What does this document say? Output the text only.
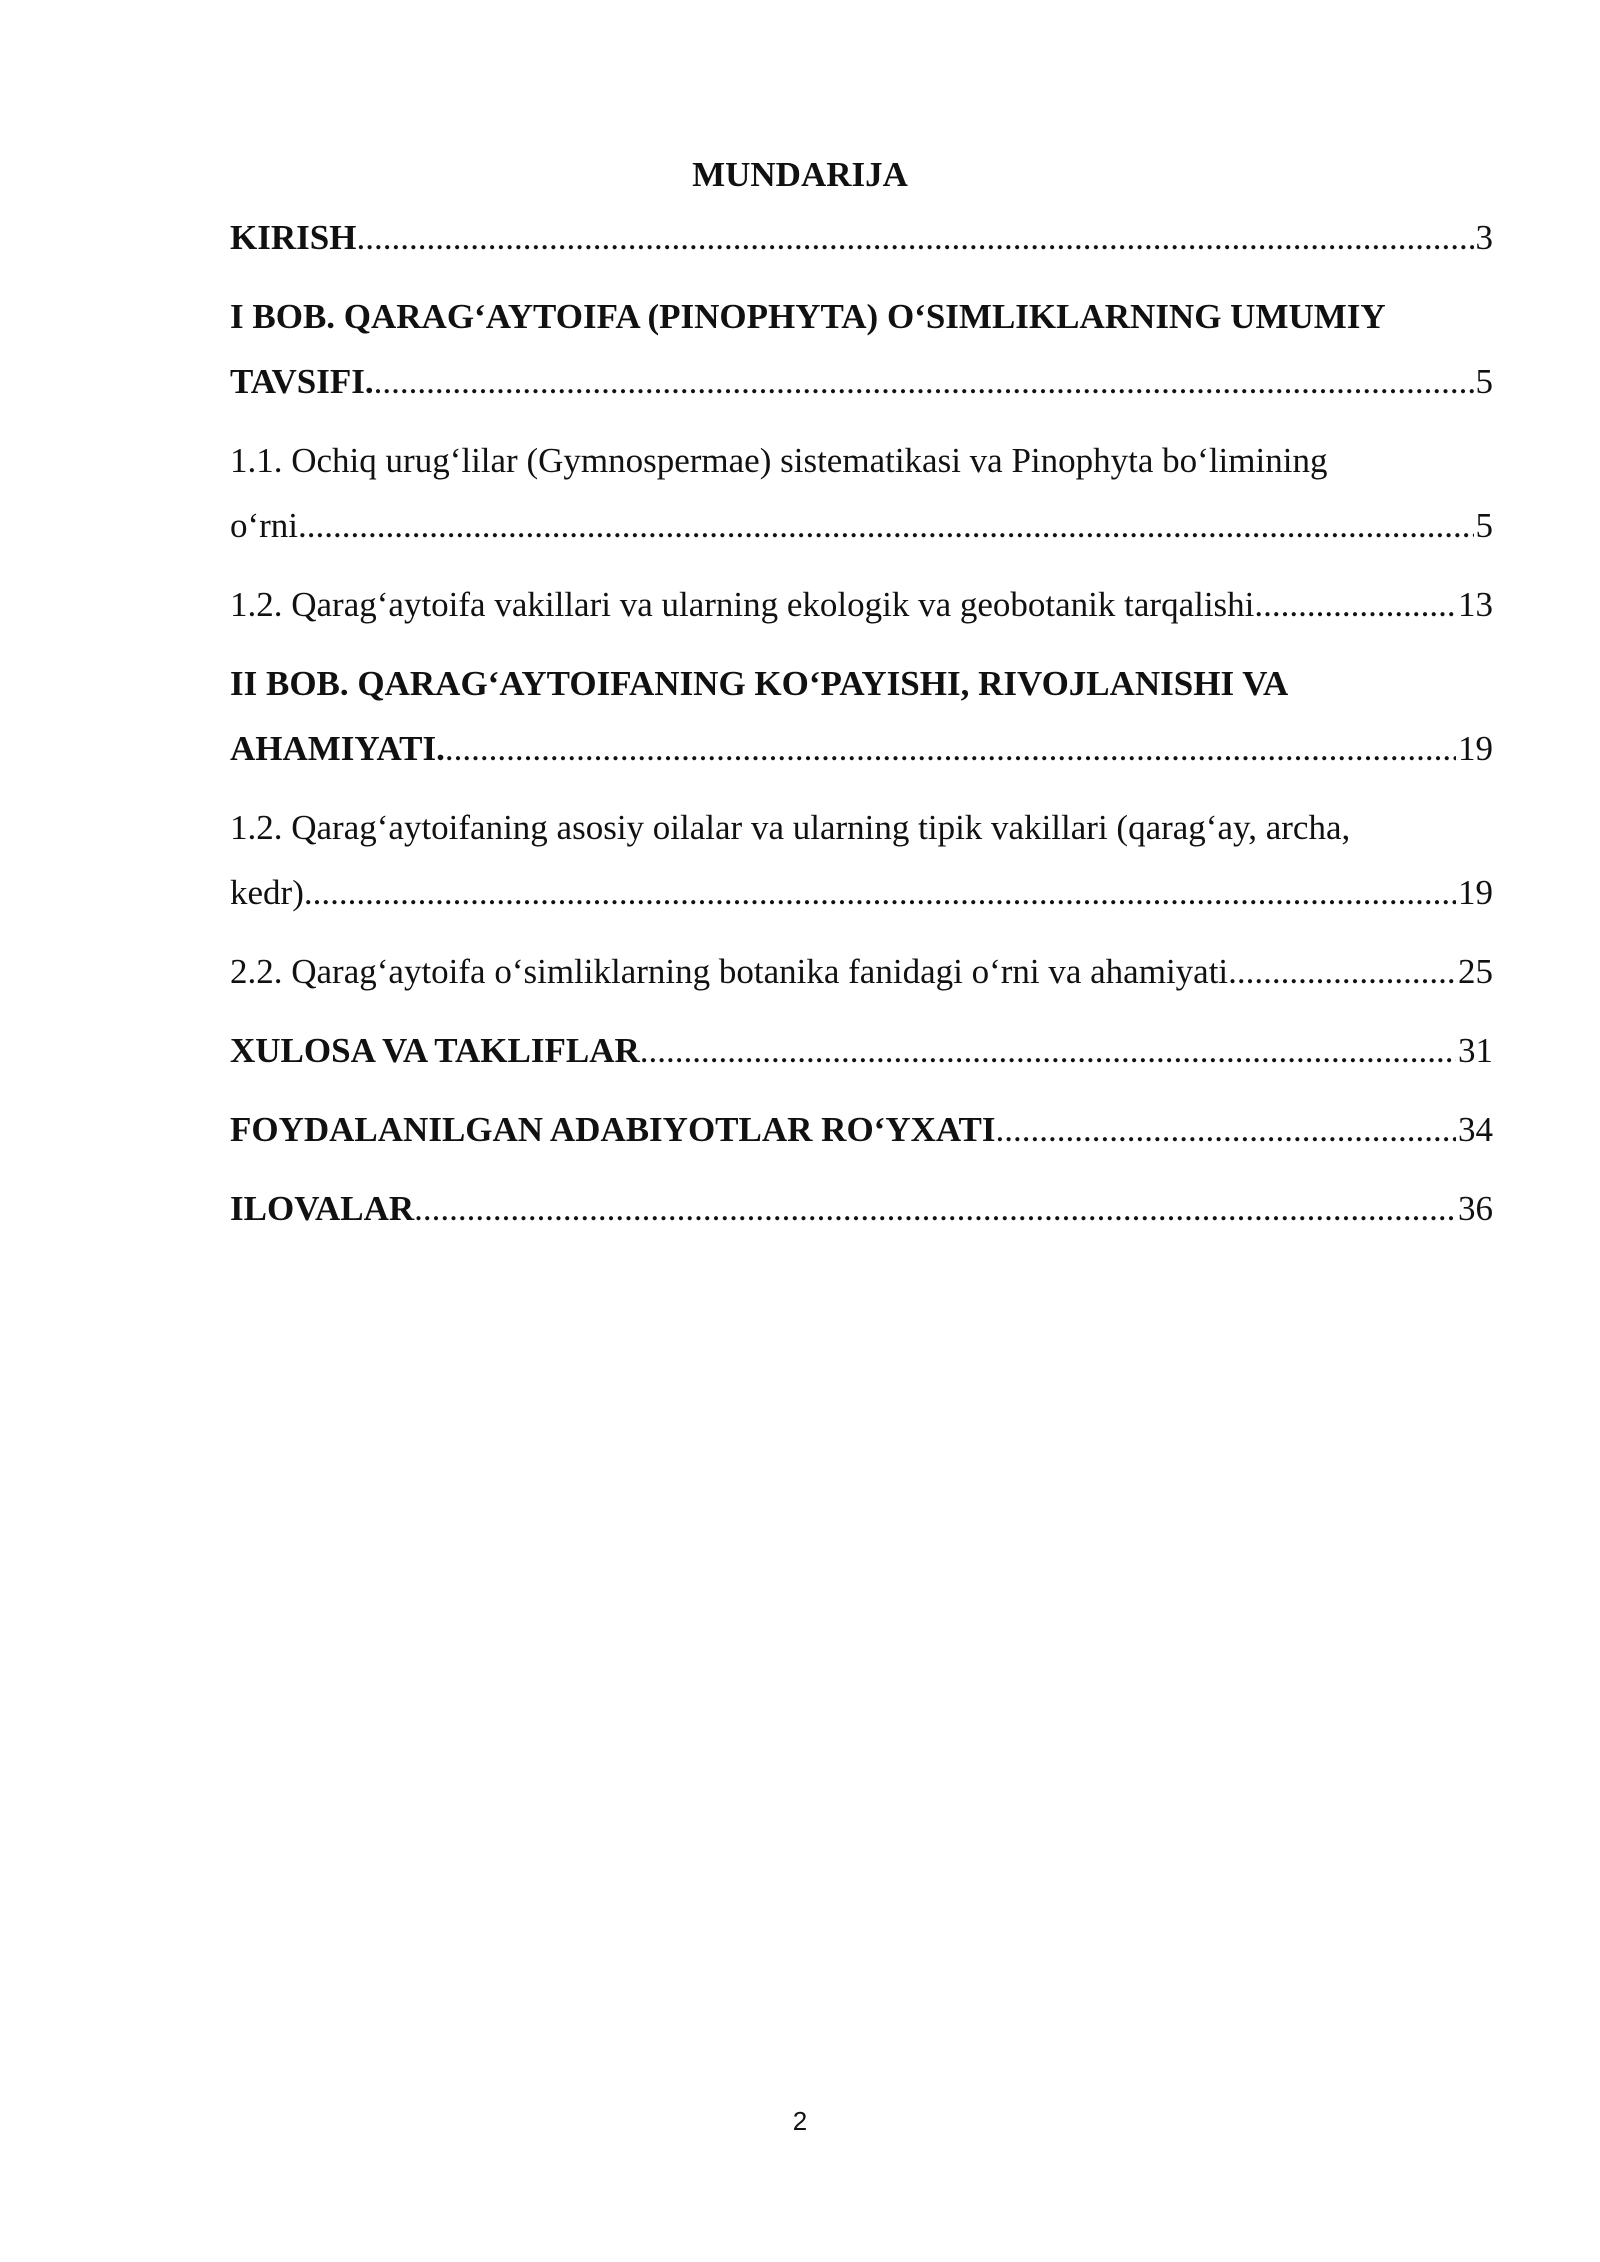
MUNDARIJA
KIRISH .....	3
I BOB. QARAG‘AYTOIFA (PINOPHYTA) O‘SIMLIKLARNING UMUMIY
TAVSIFI. .....	5
1.1. Ochiq urug‘lilar (Gymnospermae) sistematikasi va Pinophyta bo‘limining
o‘rni .....	5
1.2. Qarag‘aytoifa vakillari va ularning ekologik va geobotanik tarqalishi .....	13
II BOB. QARAG‘AYTOIFANING KO‘PAYISHI, RIVOJLANISHI VA
AHAMIYATI. .....	19
1.2. Qarag‘aytoifaning asosiy oilalar va ularning tipik vakillari (qarag‘ay, archa,
kedr) .....	19
2.2. Qarag‘aytoifa o‘simliklarning botanika fanidagi o‘rni va ahamiyati .....	25
XULOSA VA TAKLIFLAR .....	31
FOYDALANILGAN ADABIYOTLAR RO‘YXATI .....	34
ILOVALAR .....	36
2
